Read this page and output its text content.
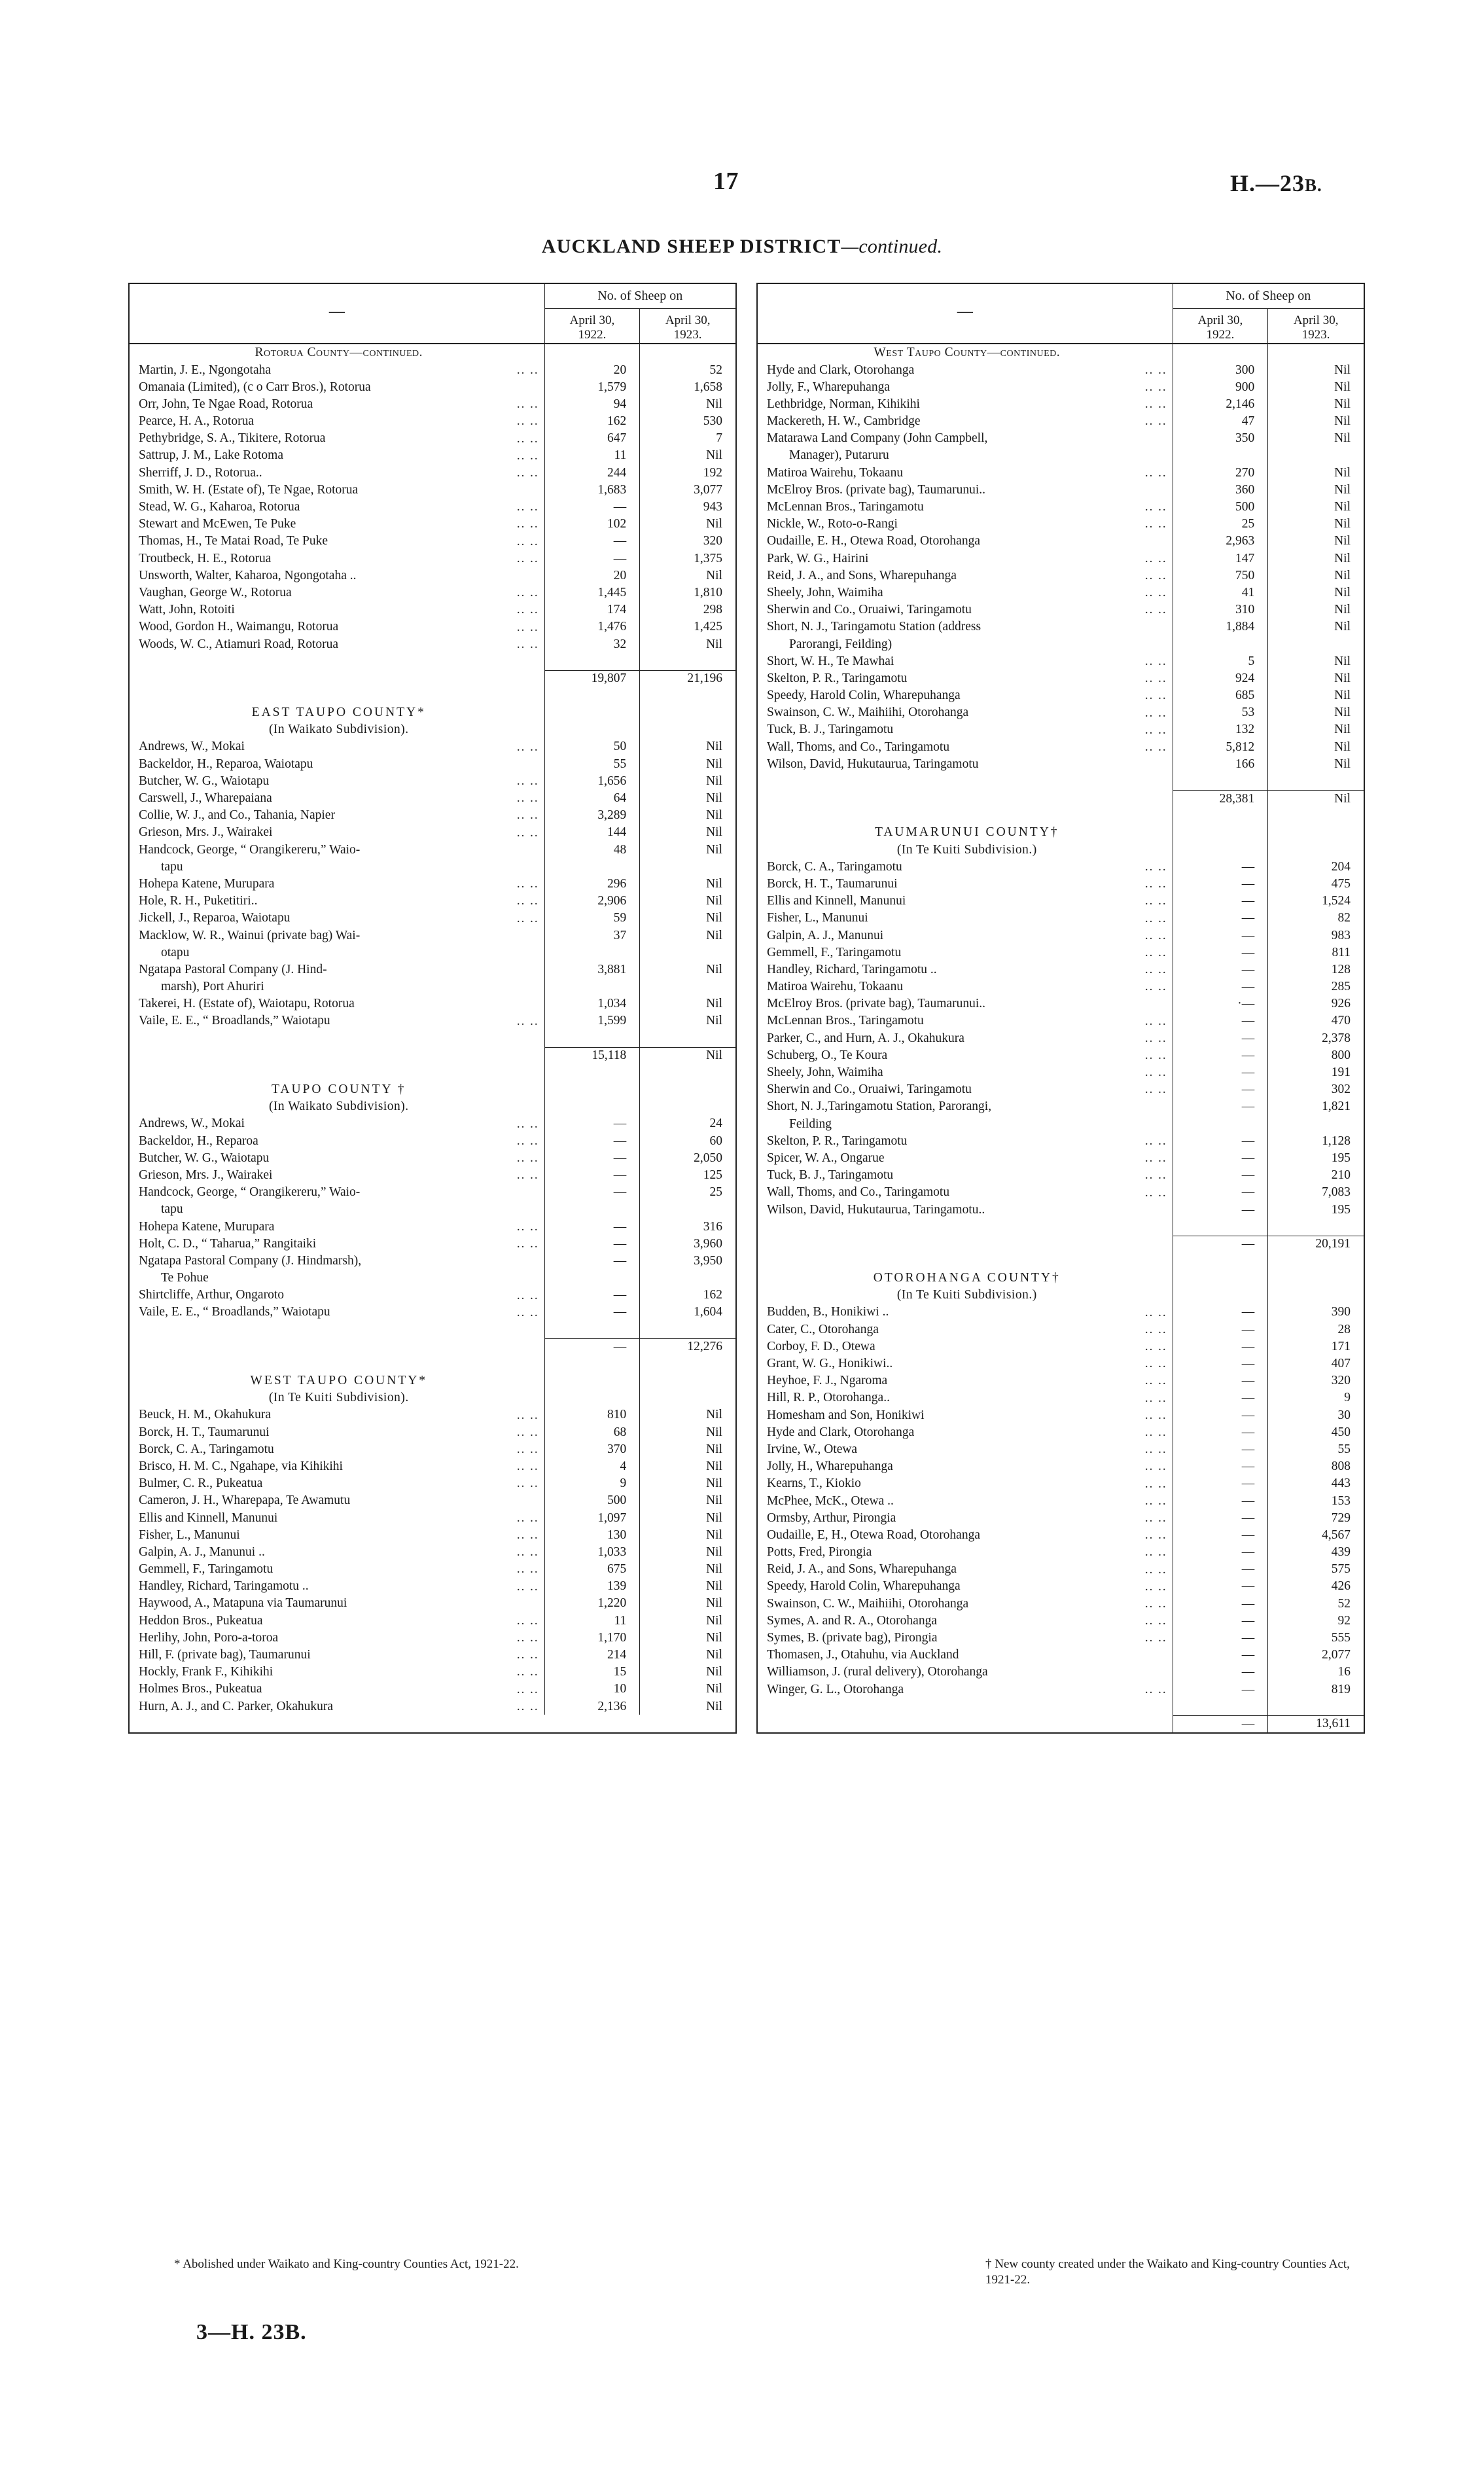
17	H.—23B.
AUCKLAND SHEEP DISTRICT—continued.
—
No. of Sheep on
April 30,
1922.
April 30,
1923.
Rotorua County—continued.
Martin, J. E., Ngongotaha	.. ..	20	52
Omanaia (Limited), (c o Carr Bros.), Rotorua	1,579	1,658
Orr, John, Te Ngae Road, Rotorua	.. ..	94	Nil
Pearce, H. A., Rotorua	.. ..	162	530
Pethybridge, S. A., Tikitere, Rotorua	.. ..	647	7
Sattrup, J. M., Lake Rotoma	.. ..	11	Nil
Sherriff, J. D., Rotorua..	.. ..	244	192
Smith, W. H. (Estate of), Te Ngae, Rotorua	1,683	3,077
Stead, W. G., Kaharoa, Rotorua	.. ..	—	943
Stewart and McEwen, Te Puke	.. ..	102	Nil
Thomas, H., Te Matai Road, Te Puke	.. ..	—	320
Troutbeck, H. E., Rotorua	.. ..	—	1,375
Unsworth, Walter, Kaharoa, Ngongotaha ..	20	Nil
Vaughan, George W., Rotorua	.. ..	1,445	1,810
Watt, John, Rotoiti	.. ..	174	298
Wood, Gordon H., Waimangu, Rotorua	.. ..	1,476	1,425
Woods, W. C., Atiamuri Road, Rotorua	.. ..	32	Nil
19,807	21,196
EAST TAUPO COUNTY*
(In Waikato Subdivision).
Andrews, W., Mokai	.. ..	50	Nil
Backeldor, H., Reparoa, Waiotapu	55	Nil
Butcher, W. G., Waiotapu	.. ..	1,656	Nil
Carswell, J., Wharepaiana	.. ..	64	Nil
Collie, W. J., and Co., Tahania, Napier	.. ..	3,289	Nil
Grieson, Mrs. J., Wairakei	.. ..	144	Nil
Handcock, George, “ Orangikereru,” Waio-	48	Nil
tapu
Hohepa Katene, Murupara	.. ..	296	Nil
Hole, R. H., Puketitiri..	.. ..	2,906	Nil
Jickell, J., Reparoa, Waiotapu	.. ..	59	Nil
Macklow, W. R., Wainui (private bag) Wai-	37	Nil
otapu
Ngatapa Pastoral Company (J. Hind-	3,881	Nil
marsh), Port Ahuriri
Takerei, H. (Estate of), Waiotapu, Rotorua	1,034	Nil
Vaile, E. E., “ Broadlands,” Waiotapu	.. ..	1,599	Nil
15,118	Nil
TAUPO COUNTY †
(In Waikato Subdivision).
Andrews, W., Mokai	.. ..	—	24
Backeldor, H., Reparoa	.. ..	—	60
Butcher, W. G., Waiotapu	.. ..	—	2,050
Grieson, Mrs. J., Wairakei	.. ..	—	125
Handcock, George, “ Orangikereru,” Waio-	—	25
tapu
Hohepa Katene, Murupara	.. ..	—	316
Holt, C. D., “ Taharua,” Rangitaiki	.. ..	—	3,960
Ngatapa Pastoral Company (J. Hindmarsh),	—	3,950
Te Pohue
Shirtcliffe, Arthur, Ongaroto	.. ..	—	162
Vaile, E. E., “ Broadlands,” Waiotapu	.. ..	—	1,604
—	12,276
WEST TAUPO COUNTY*
(In Te Kuiti Subdivision).
Beuck, H. M., Okahukura	.. ..	810	Nil
Borck, H. T., Taumarunui	.. ..	68	Nil
Borck, C. A., Taringamotu	.. ..	370	Nil
Brisco, H. M. C., Ngahape, via Kihikihi	.. ..	4	Nil
Bulmer, C. R., Pukeatua	.. ..	9	Nil
Cameron, J. H., Wharepapa, Te Awamutu	500	Nil
Ellis and Kinnell, Manunui	.. ..	1,097	Nil
Fisher, L., Manunui	.. ..	130	Nil
Galpin, A. J., Manunui ..	.. ..	1,033	Nil
Gemmell, F., Taringamotu	.. ..	675	Nil
Handley, Richard, Taringamotu ..	.. ..	139	Nil
Haywood, A., Matapuna via Taumarunui	1,220	Nil
Heddon Bros., Pukeatua	.. ..	11	Nil
Herlihy, John, Poro-a-toroa	.. ..	1,170	Nil
Hill, F. (private bag), Taumarunui	.. ..	214	Nil
Hockly, Frank F., Kihikihi	.. ..	15	Nil
Holmes Bros., Pukeatua	.. ..	10	Nil
Hurn, A. J., and C. Parker, Okahukura	.. ..	2,136	Nil
—
No. of Sheep on
April 30,
1922.
April 30,
1923.
West Taupo County—continued.
Hyde and Clark, Otorohanga	.. ..	300	Nil
Jolly, F., Wharepuhanga	.. ..	900	Nil
Lethbridge, Norman, Kihikihi	.. ..	2,146	Nil
Mackereth, H. W., Cambridge	.. ..	47	Nil
Matarawa Land Company (John Campbell,	350	Nil
Manager), Putaruru
Matiroa Wairehu, Tokaanu	.. ..	270	Nil
McElroy Bros. (private bag), Taumarunui..	360	Nil
McLennan Bros., Taringamotu	.. ..	500	Nil
Nickle, W., Roto-o-Rangi	.. ..	25	Nil
Oudaille, E. H., Otewa Road, Otorohanga	2,963	Nil
Park, W. G., Hairini	.. ..	147	Nil
Reid, J. A., and Sons, Wharepuhanga	.. ..	750	Nil
Sheely, John, Waimiha	.. ..	41	Nil
Sherwin and Co., Oruaiwi, Taringamotu	.. ..	310	Nil
Short, N. J., Taringamotu Station (address	1,884	Nil
Parorangi, Feilding)
Short, W. H., Te Mawhai	.. ..	5	Nil
Skelton, P. R., Taringamotu	.. ..	924	Nil
Speedy, Harold Colin, Wharepuhanga	.. ..	685	Nil
Swainson, C. W., Maihiihi, Otorohanga	.. ..	53	Nil
Tuck, B. J., Taringamotu	.. ..	132	Nil
Wall, Thoms, and Co., Taringamotu	.. ..	5,812	Nil
Wilson, David, Hukutaurua, Taringamotu	166	Nil
28,381	Nil
TAUMARUNUI COUNTY†
(In Te Kuiti Subdivision.)
Borck, C. A., Taringamotu	.. ..	—	204
Borck, H. T., Taumarunui	.. ..	—	475
Ellis and Kinnell, Manunui	.. ..	—	1,524
Fisher, L., Manunui	.. ..	—	82
Galpin, A. J., Manunui	.. ..	—	983
Gemmell, F., Taringamotu	.. ..	—	811
Handley, Richard, Taringamotu ..	.. ..	—	128
Matiroa Wairehu, Tokaanu	.. ..	—	285
McElroy Bros. (private bag), Taumarunui..	·—	926
McLennan Bros., Taringamotu	.. ..	—	470
Parker, C., and Hurn, A. J., Okahukura	.. ..	—	2,378
Schuberg, O., Te Koura	.. ..	—	800
Sheely, John, Waimiha	.. ..	—	191
Sherwin and Co., Oruaiwi, Taringamotu	.. ..	—	302
Short, N. J.,Taringamotu Station, Parorangi,	—	1,821
Feilding
Skelton, P. R., Taringamotu	.. ..	—	1,128
Spicer, W. A., Ongarue	.. ..	—	195
Tuck, B. J., Taringamotu	.. ..	—	210
Wall, Thoms, and Co., Taringamotu	.. ..	—	7,083
Wilson, David, Hukutaurua, Taringamotu..	—	195
—	20,191
OTOROHANGA COUNTY†
(In Te Kuiti Subdivision.)
Budden, B., Honikiwi ..	.. ..	—	390
Cater, C., Otorohanga	.. ..	—	28
Corboy, F. D., Otewa	.. ..	—	171
Grant, W. G., Honikiwi..	.. ..	—	407
Heyhoe, F. J., Ngaroma	.. ..	—	320
Hill, R. P., Otorohanga..	.. ..	—	9
Homesham and Son, Honikiwi	.. ..	—	30
Hyde and Clark, Otorohanga	.. ..	—	450
Irvine, W., Otewa	.. ..	—	55
Jolly, H., Wharepuhanga	.. ..	—	808
Kearns, T., Kiokio	.. ..	—	443
McPhee, McK., Otewa ..	.. ..	—	153
Ormsby, Arthur, Pirongia	.. ..	—	729
Oudaille, E, H., Otewa Road, Otorohanga	.. ..	—	4,567
Potts, Fred, Pirongia	.. ..	—	439
Reid, J. A., and Sons, Wharepuhanga	.. ..	—	575
Speedy, Harold Colin, Wharepuhanga	.. ..	—	426
Swainson, C. W., Maihiihi, Otorohanga	.. ..	—	52
Symes, A. and R. A., Otorohanga	.. ..	—	92
Symes, B. (private bag), Pirongia	.. ..	—	555
Thomasen, J., Otahuhu, via Auckland	—	2,077
Williamson, J. (rural delivery), Otorohanga	—	16
Winger, G. L., Otorohanga	.. ..	—	819
—	13,611
* Abolished under Waikato and King-country Counties Act, 1921-22.	† New county created under the Waikato and King-country Counties Act, 1921-22.
3—H. 23B.
